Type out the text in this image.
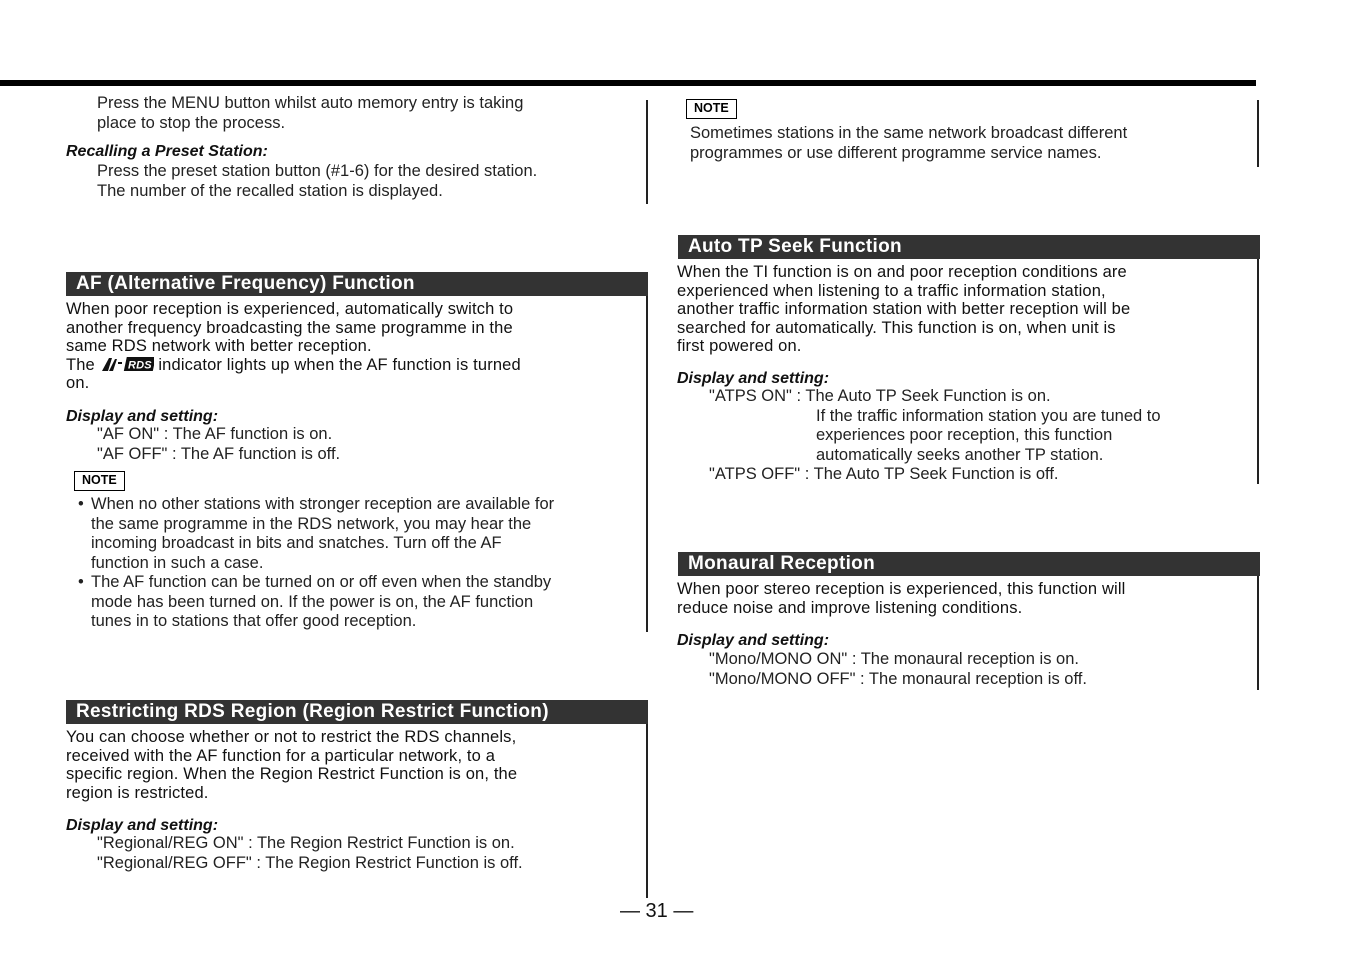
Press the MENU button whilst auto memory entry is taking
place to stop the process.
Recalling a Preset Station:
Press the preset station button (#1-6) for the desired station.
The number of the recalled station is displayed.
AF (Alternative Frequency) Function
When poor reception is experienced, automatically switch to
another frequency broadcasting the same programme in the
same RDS network with better reception.
The	RDS indicator lights up when the AF function is turned
on.
Display and setting:
"AF ON" : The AF function is on.
"AF OFF" : The AF function is off.
NOTE
• When no other stations with stronger reception are available for
the same programme in the RDS network, you may hear the
incoming broadcast in bits and snatches. Turn off the AF
function in such a case.
• The AF function can be turned on or off even when the standby
mode has been turned on. If the power is on, the AF function
tunes in to stations that offer good reception.
Restricting RDS Region (Region Restrict Function)
You can choose whether or not to restrict the RDS channels,
received with the AF function for a particular network, to a
specific region. When the Region Restrict Function is on, the
region is restricted.
Display and setting:
"Regional/REG ON" : The Region Restrict Function is on.
"Regional/REG OFF" : The Region Restrict Function is off.
NOTE
Sometimes stations in the same network broadcast different
programmes or use different programme service names.
Auto TP Seek Function
When the TI function is on and poor reception conditions are
experienced when listening to a traffic information station,
another traffic information station with better reception will be
searched for automatically. This function is on, when unit is
first powered on.
Display and setting:
"ATPS ON" : The Auto TP Seek Function is on.
If the traffic information station you are tuned to
experiences poor reception, this function
automatically seeks another TP station.
"ATPS OFF" : The Auto TP Seek Function is off.
Monaural Reception
When poor stereo reception is experienced, this function will
reduce noise and improve listening conditions.
Display and setting:
"Mono/MONO ON" : The monaural reception is on.
"Mono/MONO OFF" : The monaural reception is off.
— 31 —
